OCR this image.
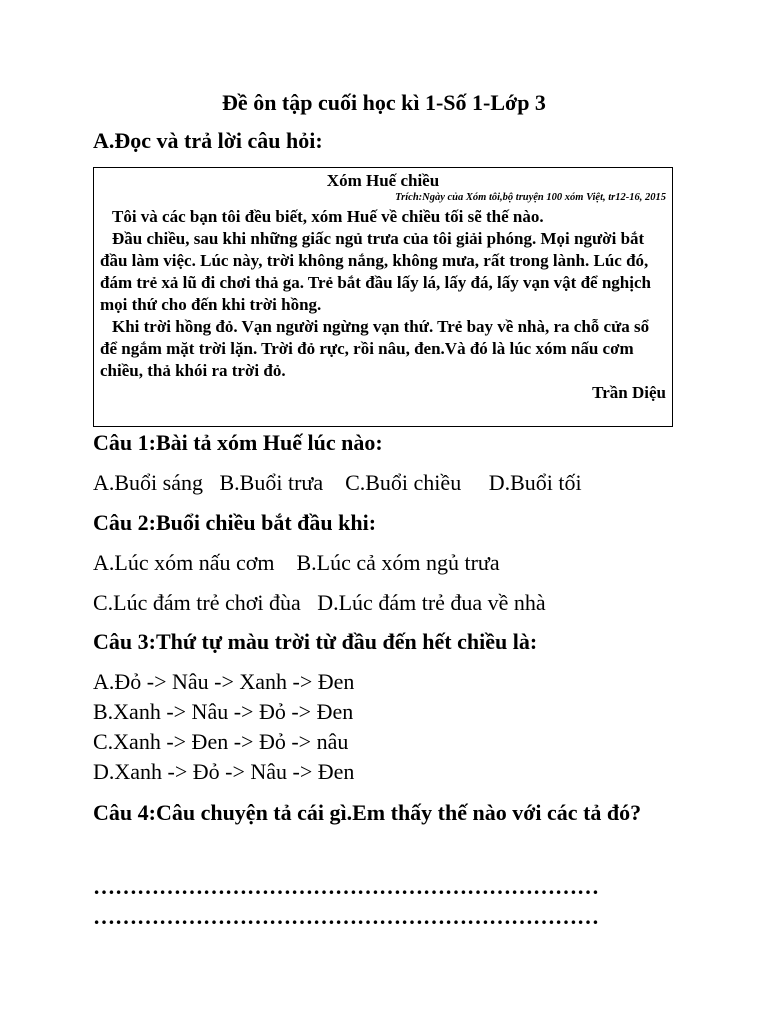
Đề ôn tập cuối học kì 1-Số 1-Lớp 3
A.Đọc và trả lời câu hỏi:

Xóm Huế chiều

Trích:Ngày của Xóm tôi,bộ truyện 100 xóm Việt, tr12-16, 2015

Tôi và các bạn tôi đều biết, xóm Huế về chiều tối sẽ thế nào.

Đầu chiều, sau khi những giấc ngủ trưa của tôi giải phóng. Mọi người bắt đầu làm việc. Lúc này, trời không nắng, không mưa, rất trong lành. Lúc đó, đám trẻ xả lũ đi chơi thả ga. Trẻ bắt đầu lấy lá, lấy đá, lấy vạn vật để nghịch mọi thứ cho đến khi trời hồng.

Khi trời hồng đỏ. Vạn người ngừng vạn thứ. Trẻ bay về nhà, ra chỗ cửa sổ để ngắm mặt trời lặn. Trời đỏ rực, rồi nâu, đen.Và đó là lúc xóm nấu cơm chiều, thả khói ra trời đỏ.

Trần Diệu

Câu 1:Bài tả xóm Huế lúc nào:

A.Buổi sáng   B.Buổi trưa    C.Buổi chiều     D.Buổi tối

Câu 2:Buổi chiều bắt đầu khi:

A.Lúc xóm nấu cơm    B.Lúc cả xóm ngủ trưa

C.Lúc đám trẻ chơi đùa   D.Lúc đám trẻ đua về nhà

Câu 3:Thứ tự màu trời từ đầu đến hết chiều là:

A.Đỏ -> Nâu -> Xanh -> Đen
B.Xanh -> Nâu -> Đỏ -> Đen
C.Xanh -> Đen -> Đỏ -> nâu
D.Xanh -> Đỏ -> Nâu -> Đen

Câu 4:Câu chuyện tả cái gì.Em thấy thế nào với các tả đó?

……………………………………………………………

……………………………………………………………
